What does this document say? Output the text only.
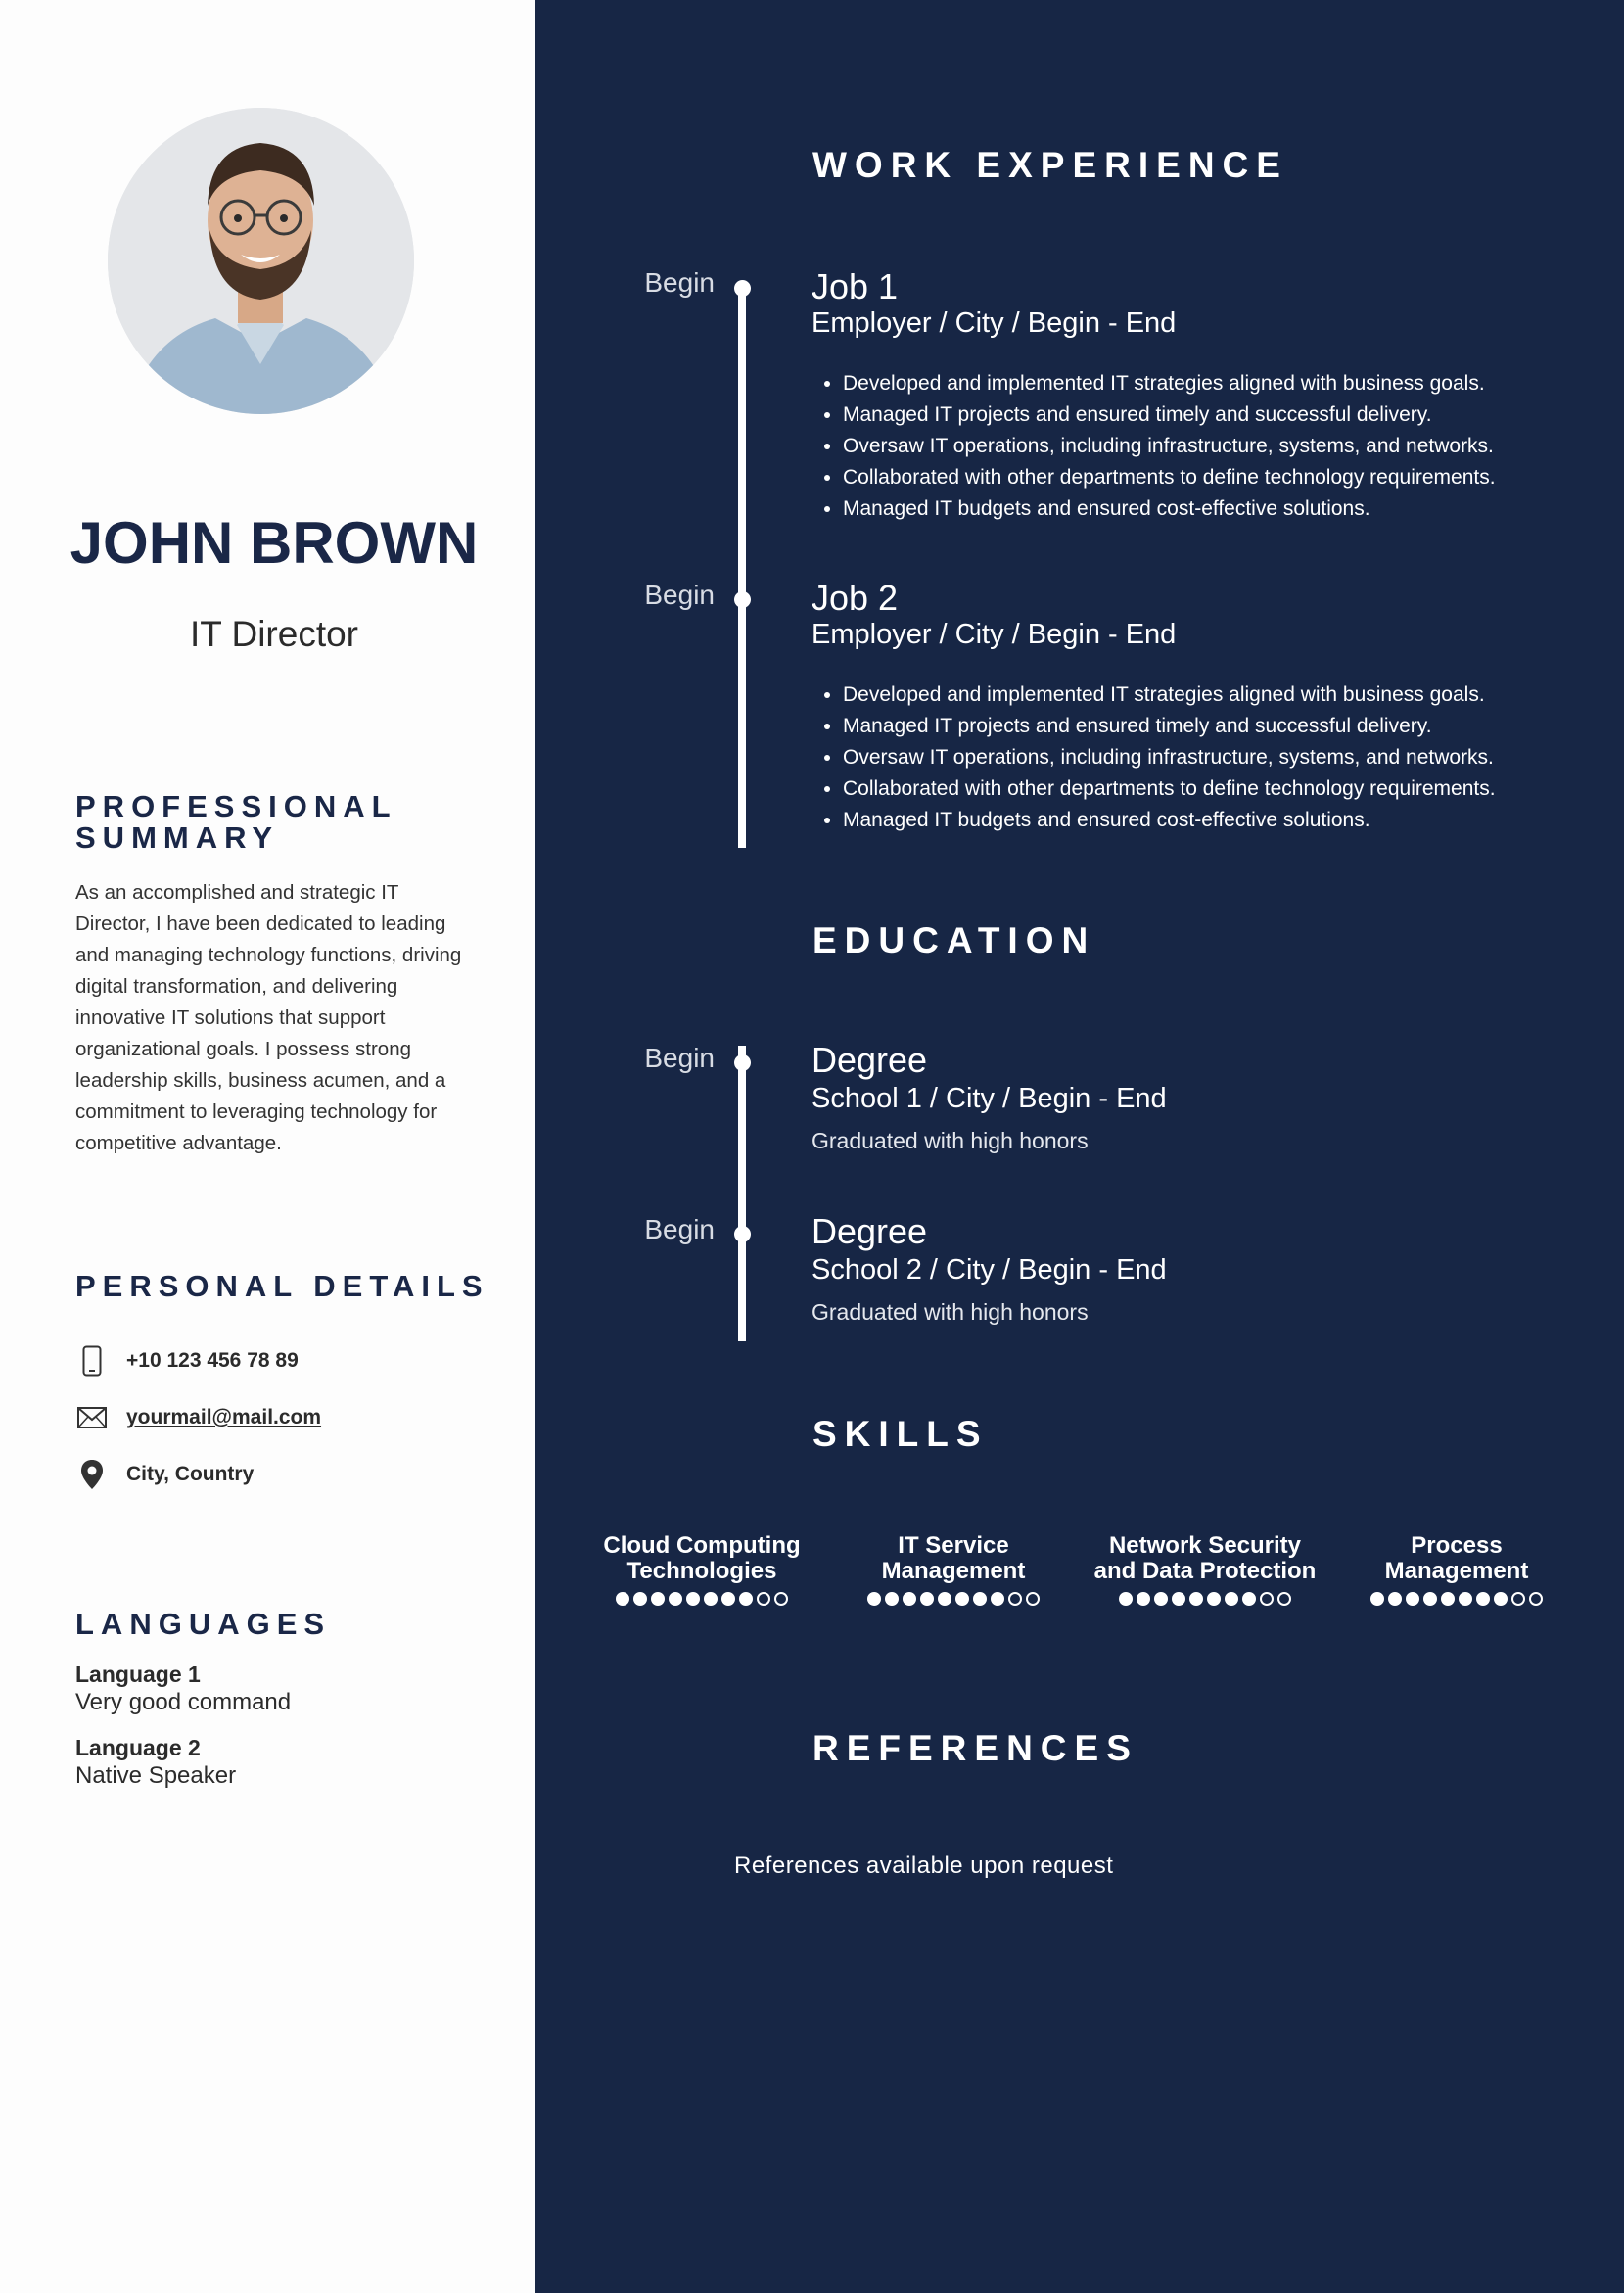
JOHN BROWN
IT Director
PROFESSIONAL
SUMMARY
As an accomplished and strategic IT Director, I have been dedicated to leading and managing technology functions, driving digital transformation, and delivering innovative IT solutions that support organizational goals. I possess strong leadership skills, business acumen, and a commitment to leveraging technology for competitive advantage.
PERSONAL DETAILS
+10 123 456 78 89
yourmail@mail.com
City, Country
LANGUAGES
Language 1
Very good command
Language 2
Native Speaker
WORK EXPERIENCE
Begin	Job 1
Employer / City / Begin - End
• Developed and implemented IT strategies aligned with business goals.
• Managed IT projects and ensured timely and successful delivery.
• Oversaw IT operations, including infrastructure, systems, and networks.
• Collaborated with other departments to define technology requirements.
• Managed IT budgets and ensured cost-effective solutions.
Begin	Job 2
Employer / City / Begin - End
• Developed and implemented IT strategies aligned with business goals.
• Managed IT projects and ensured timely and successful delivery.
• Oversaw IT operations, including infrastructure, systems, and networks.
• Collaborated with other departments to define technology requirements.
• Managed IT budgets and ensured cost-effective solutions.
EDUCATION
Begin	Degree
School 1 / City / Begin - End
Graduated with high honors
Begin	Degree
School 2 / City / Begin - End
Graduated with high honors
SKILLS
Cloud Computing
Technologies
IT Service
Management
Network Security
and Data Protection
Process
Management
REFERENCES
References available upon request
